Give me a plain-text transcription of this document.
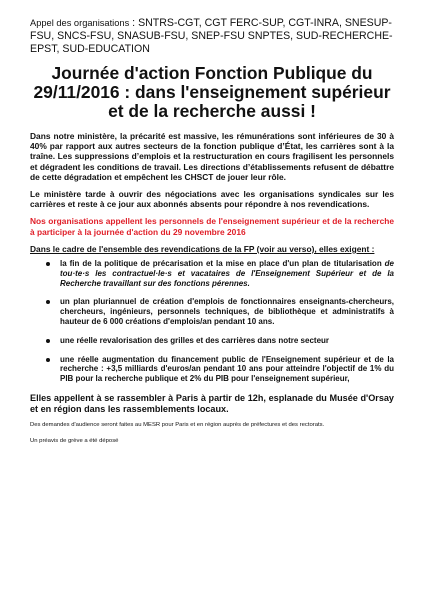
Appel des organisations : SNTRS-CGT, CGT FERC-SUP, CGT-INRA, SNESUP-FSU, SNCS-FSU, SNASUB-FSU, SNEP-FSU SNPTES, SUD-RECHERCHE-EPST, SUD-EDUCATION
Journée d'action Fonction Publique du 29/11/2016 : dans l'enseignement supérieur et de la recherche aussi !

Dans notre ministère, la précarité est massive, les rémunérations sont inférieures de 30 à 40% par rapport aux autres secteurs de la fonction publique d’État, les carrières sont à la traîne. Les suppressions d’emplois et la restructuration en cours fragilisent les personnels et dégradent les conditions de travail. Les directions d’établissements refusent de débattre de cette dégradation et empêchent les CHSCT de jouer leur rôle.

Le ministère tarde à ouvrir des négociations avec les organisations syndicales sur les carrières et reste à ce jour aux abonnés absents pour répondre à nos revendications.

Nos organisations appellent les personnels de l'enseignement supérieur et de la recherche à participer à la journée d'action du 29 novembre 2016

Dans le cadre de l'ensemble des revendications de la FP (voir au verso), elles exigent :

la fin de la politique de précarisation et la mise en place d'un plan de titularisation de tou·te·s les contractuel·le·s et vacataires de l'Enseignement Supérieur et de la Recherche travaillant sur des fonctions pérennes.
un plan pluriannuel de création d'emplois de fonctionnaires enseignants-chercheurs, chercheurs, ingénieurs, personnels techniques, de bibliothèque et administratifs à hauteur de 6 000 créations d'emplois/an pendant 10 ans.
une réelle revalorisation des grilles et des carrières dans notre secteur
une réelle augmentation du financement public de l'Enseignement supérieur et de la recherche : +3,5 milliards d'euros/an pendant 10 ans pour atteindre l'objectif de 1% du PIB pour la recherche publique et 2% du PIB pour l'enseignement supérieur,

Elles appellent à se rassembler à Paris à partir de 12h, esplanade du Musée d'Orsay et en région dans les rassemblements locaux.

Des demandes d'audience seront faites au MESR pour Paris et en région auprès de préfectures et des rectorats.

Un préavis de grève a été déposé
